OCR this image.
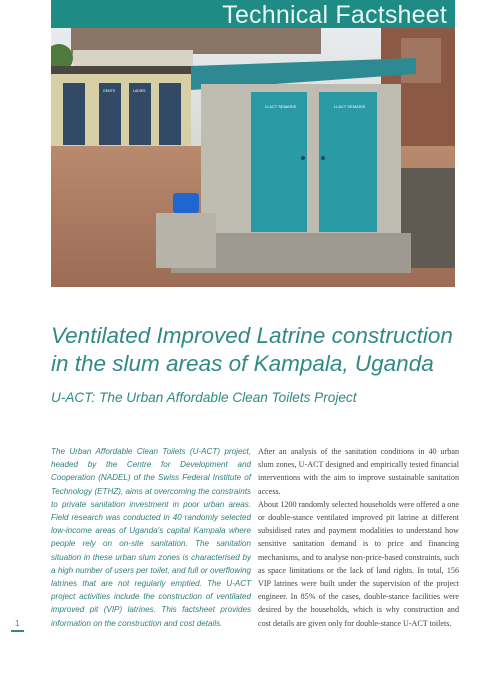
Technical Factsheet
GENTS	LADIES
U-ACT SEMARIS	U-ACT SEMARIS
Ventilated Improved Latrine construction in the slum areas of Kampala, Uganda
U-ACT: The Urban Affordable Clean Toilets Project
The Urban Affordable Clean Toilets (U-ACT) project, headed by the Centre for Development and Cooperation (NADEL) of the Swiss Federal Institute of Technology (ETHZ), aims at overcoming the constraints to private sanitation investment in poor urban areas. Field research was conducted in 40 randomly selected low-income areas of Uganda's capital Kampala where people rely on on-site sanitation. The sanitation situation in these urban slum zones is characterised by a high number of users per toilet, and full or overflowing latrines that are not regularly emptied. The U-ACT project activities include the construction of ventilated improved pit (VIP) latrines. This factsheet provides information on the construction and cost details.

After an analysis of the sanitation conditions in 40 urban slum zones, U-ACT designed and empirically tested financial interventions with the aim to improve sustainable sanitation access.

About 1200 randomly selected households were offered a one or double-stance ventilated improved pit latrine at different subsidised rates and payment modalities to understand how sensitive sanitation demand is to price and financing mechanisms, and to analyse non-price-based constraints, such as space limitations or the lack of land rights. In total, 156 VIP latrines were built under the supervision of the project engineer. In 85% of the cases, double-stance facilities were desired by the households, which is why construction and cost details are given only for double-stance U-ACT toilets.

1
